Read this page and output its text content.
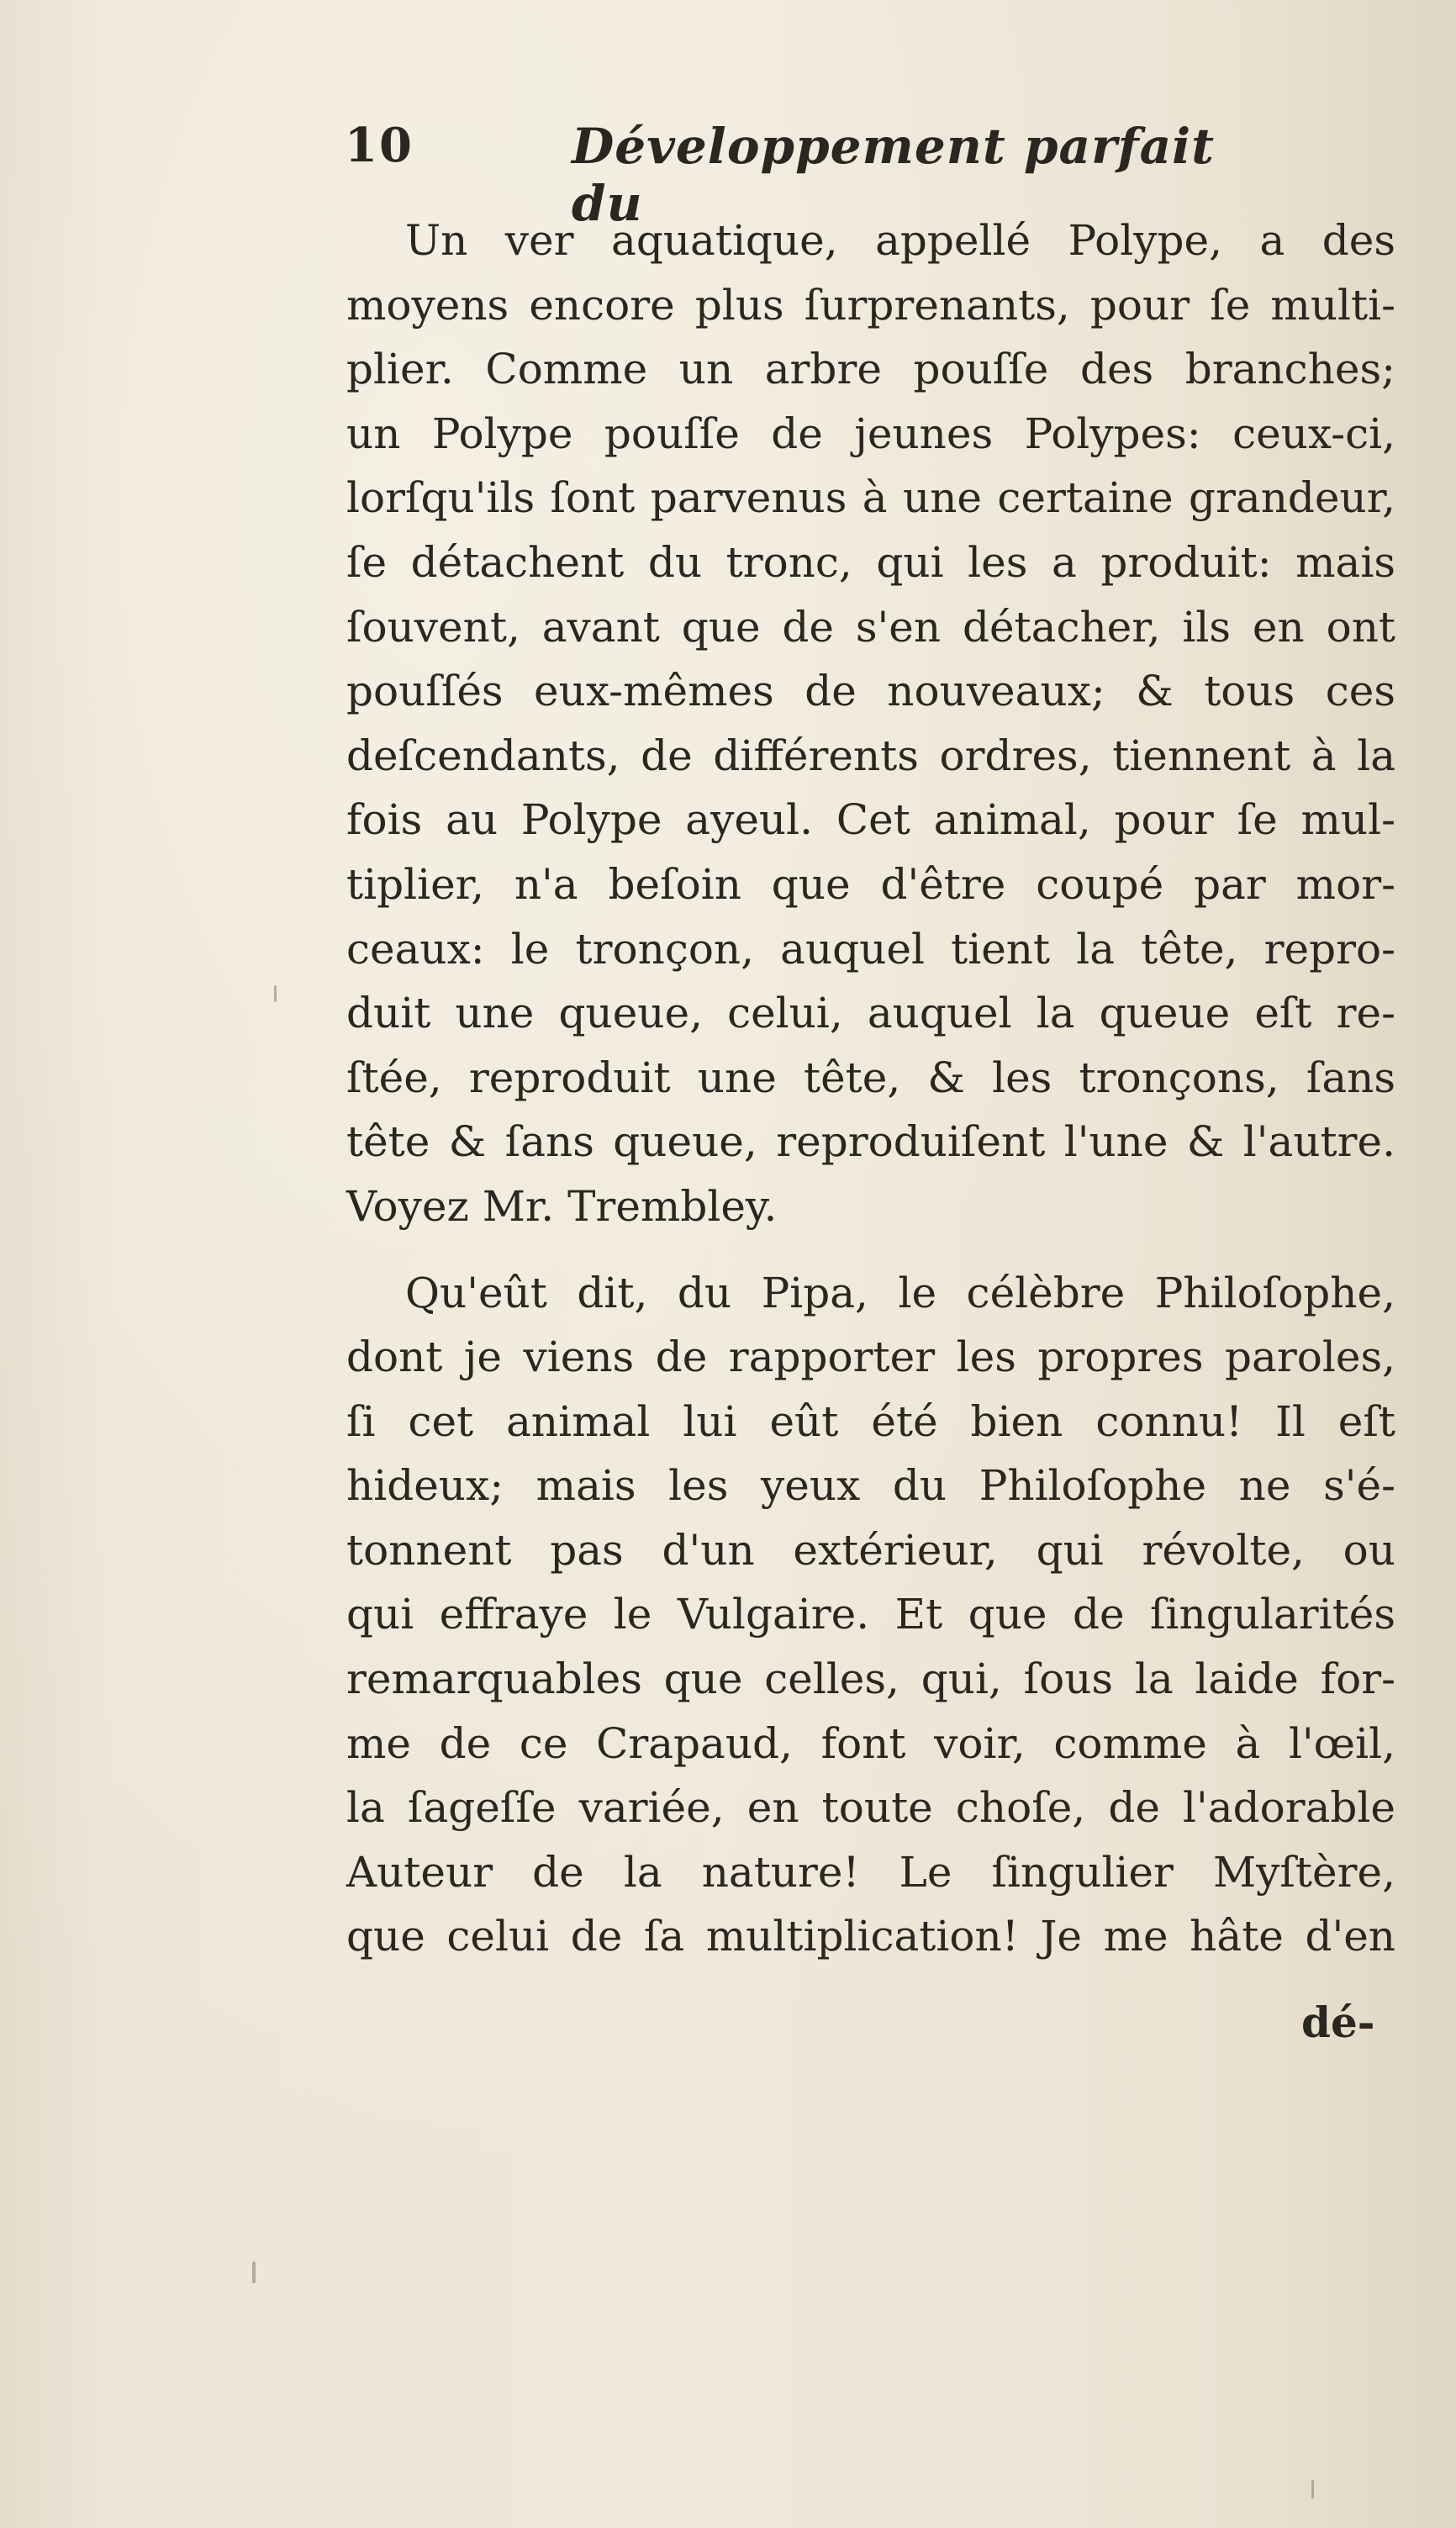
10	Développement parfait du
Un ver aquatique, appellé Polype, a des
moyens encore plus ſurprenants, pour ſe multi-
plier. Comme un arbre pouſſe des branches;
un Polype pouſſe de jeunes Polypes: ceux-ci,
lorſqu'ils ſont parvenus à une certaine grandeur,
ſe détachent du tronc, qui les a produit: mais
ſouvent, avant que de s'en détacher, ils en ont
pouſſés eux-mêmes de nouveaux; & tous ces
deſcendants, de différents ordres, tiennent à la
fois au Polype ayeul. Cet animal, pour ſe mul-
tiplier, n'a beſoin que d'être coupé par mor-
ceaux: le tronçon, auquel tient la tête, repro-
duit une queue, celui, auquel la queue eſt re-
ſtée, reproduit une tête, & les tronçons, ſans
tête & ſans queue, reproduiſent l'une & l'autre.
Voyez Mr. Trembley.
Qu'eût dit, du Pipa, le célèbre Philoſophe,
dont je viens de rapporter les propres paroles,
ſi cet animal lui eût été bien connu! Il eſt
hideux; mais les yeux du Philoſophe ne s'é-
tonnent pas d'un extérieur, qui révolte, ou
qui effraye le Vulgaire. Et que de ſingularités
remarquables que celles, qui, ſous la laide for-
me de ce Crapaud, font voir, comme à l'œil,
la ſageſſe variée, en toute choſe, de l'adorable
Auteur de la nature! Le ſingulier Myſtère,
que celui de ſa multiplication! Je me hâte d'en
dé-
